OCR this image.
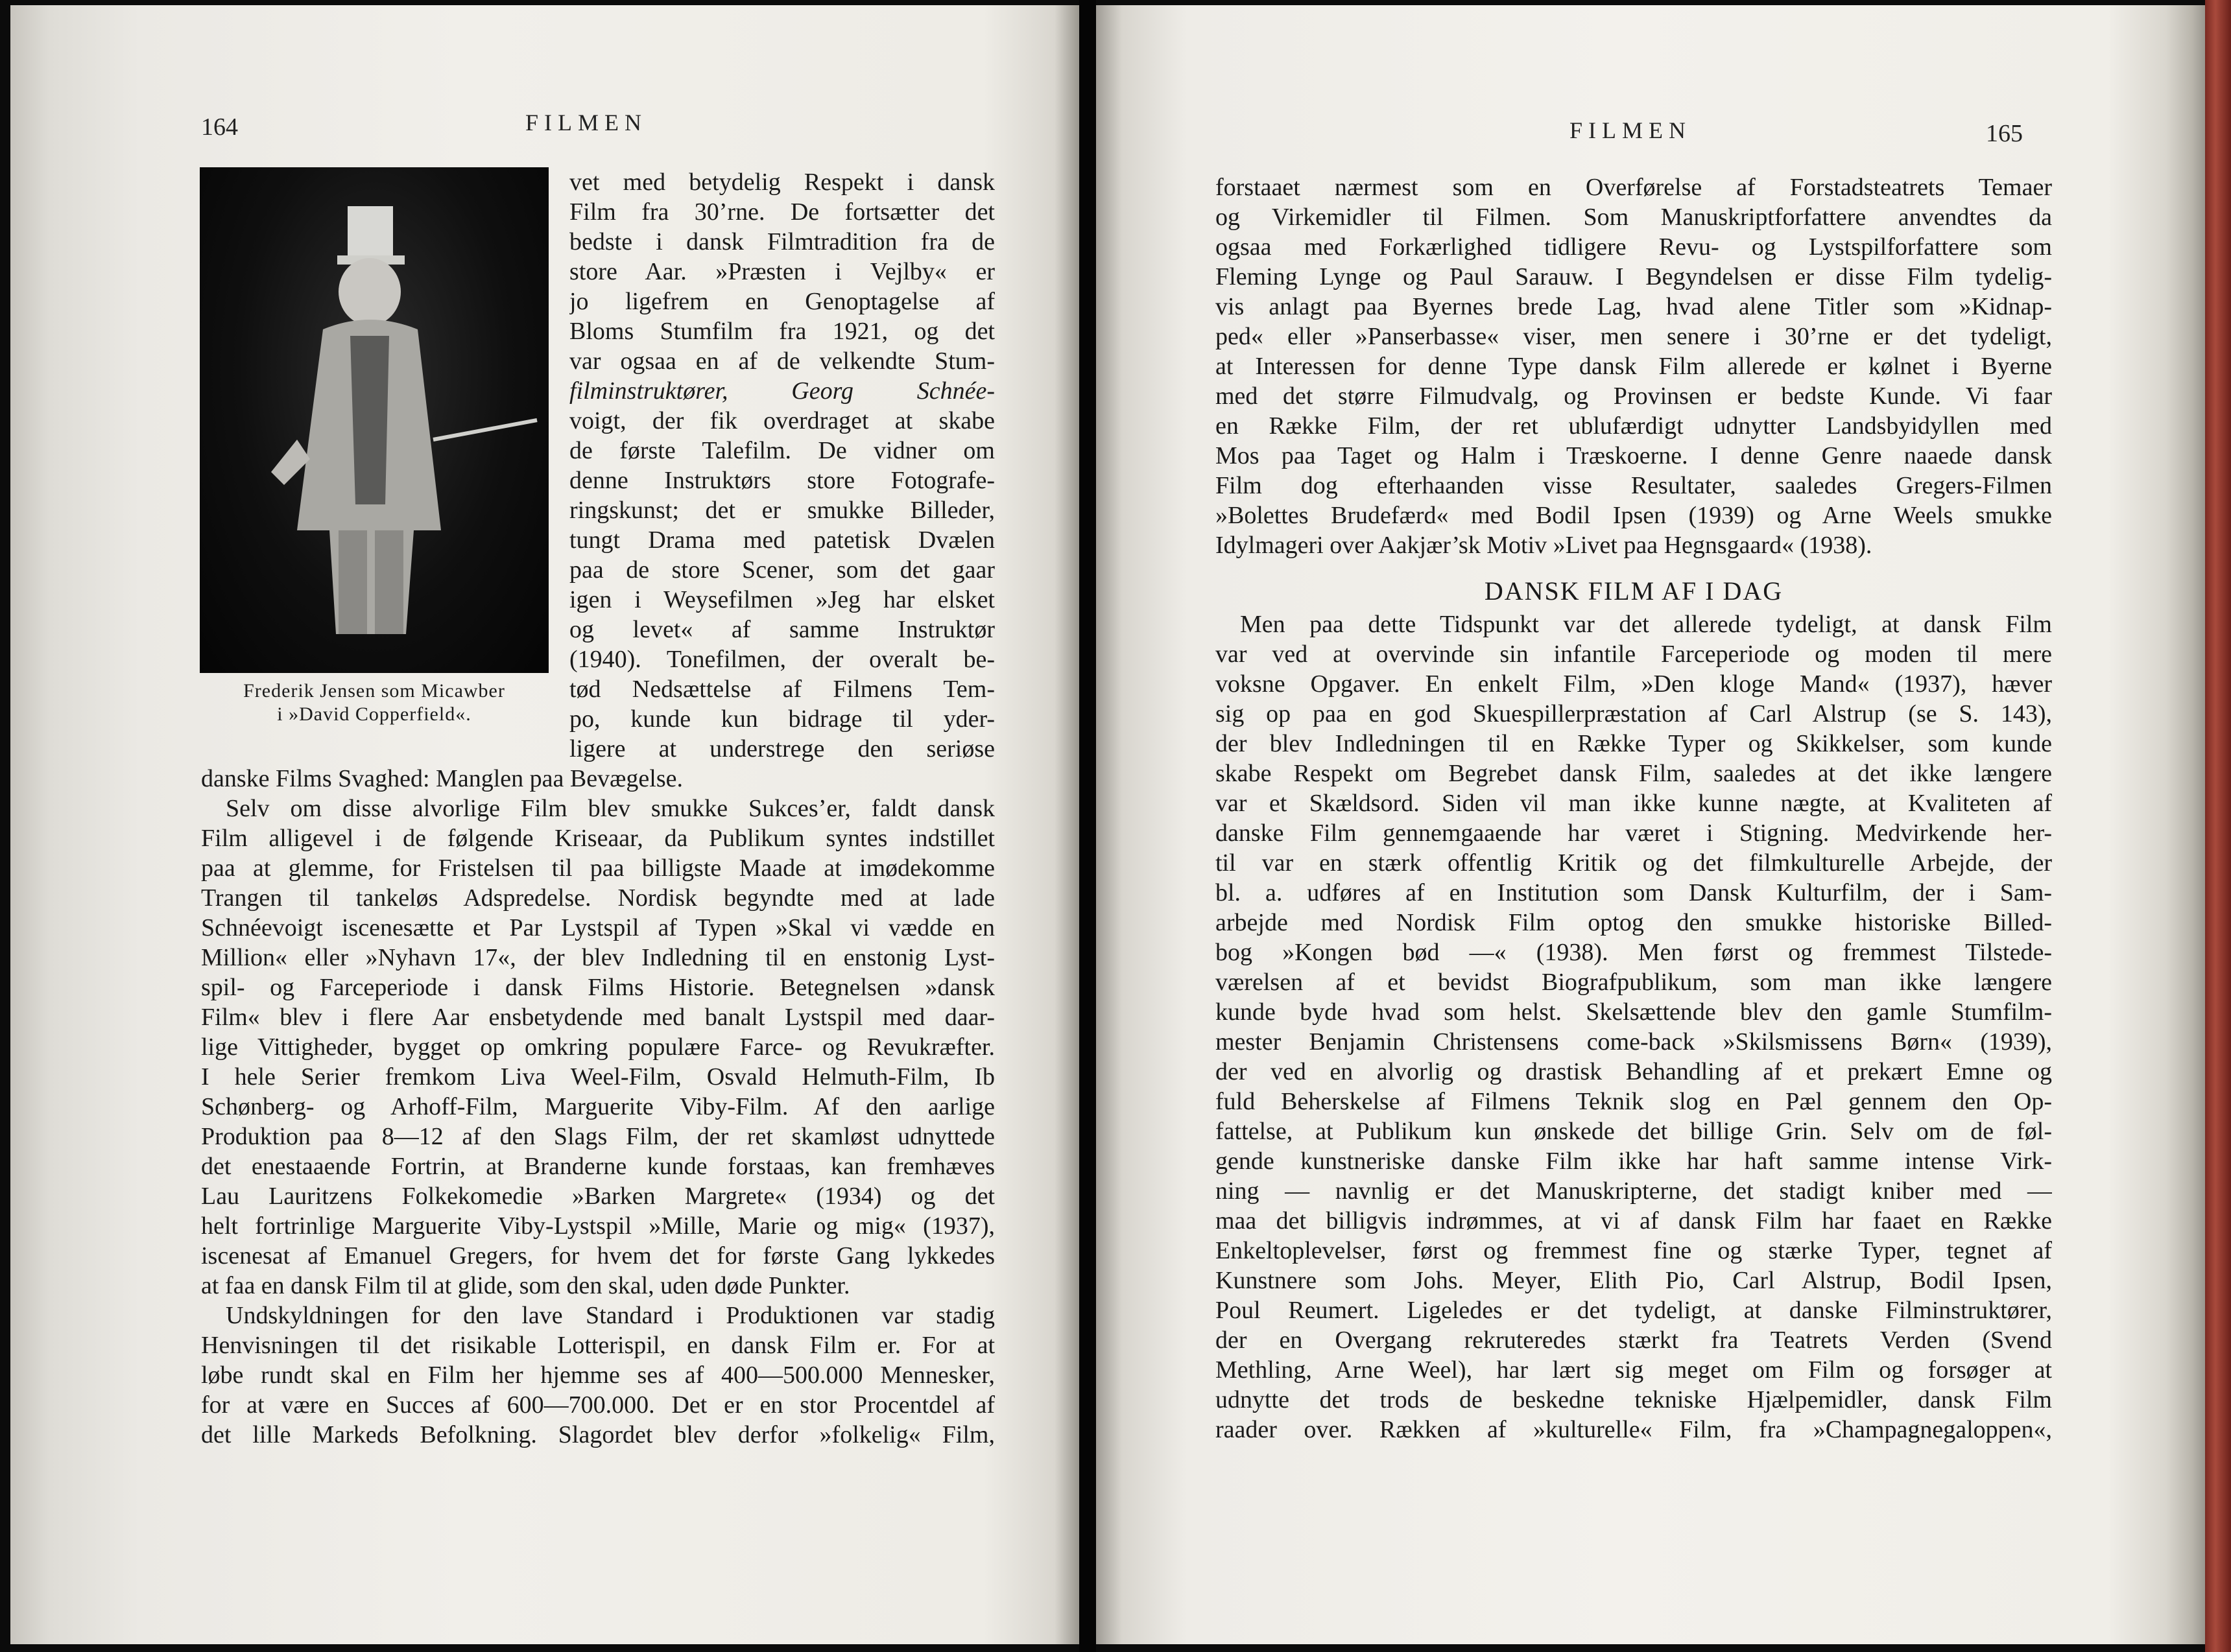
164	FILMEN
Frederik Jensen som Micawber
i »David Copperfield«.
vet med betydelig Respekt i dansk
Film fra 30’rne. De fortsætter det
bedste i dansk Filmtradition fra de
store Aar. »Præsten i Vejlby« er
jo ligefrem en Genoptagelse af
Bloms Stumfilm fra 1921, og det
var ogsaa en af de velkendte Stum-
filminstruktører, Georg Schnée-
voigt, der fik overdraget at skabe
de første Talefilm. De vidner om
denne Instruktørs store Fotografe-
ringskunst; det er smukke Billeder,
tungt Drama med patetisk Dvælen
paa de store Scener, som det gaar
igen i Weysefilmen »Jeg har elsket
og levet« af samme Instruktør
(1940). Tonefilmen, der overalt be-
tød Nedsættelse af Filmens Tem-
po, kunde kun bidrage til yder-
ligere at understrege den seriøse
danske Films Svaghed: Manglen paa Bevægelse.
Selv om disse alvorlige Film blev smukke Sukces’er, faldt dansk
Film alligevel i de følgende Kriseaar, da Publikum syntes indstillet
paa at glemme, for Fristelsen til paa billigste Maade at imødekomme
Trangen til tankeløs Adspredelse. Nordisk begyndte med at lade
Schnéevoigt iscenesætte et Par Lystspil af Typen »Skal vi vædde en
Million« eller »Nyhavn 17«, der blev Indledning til en enstonig Lyst-
spil- og Farceperiode i dansk Films Historie. Betegnelsen »dansk
Film« blev i flere Aar ensbetydende med banalt Lystspil med daar-
lige Vittigheder, bygget op omkring populære Farce- og Revukræfter.
I hele Serier fremkom Liva Weel-Film, Osvald Helmuth-Film, Ib
Schønberg- og Arhoff-Film, Marguerite Viby-Film. Af den aarlige
Produktion paa 8—12 af den Slags Film, der ret skamløst udnyttede
det enestaaende Fortrin, at Branderne kunde forstaas, kan fremhæves
Lau Lauritzens Folkekomedie »Barken Margrete« (1934) og det
helt fortrinlige Marguerite Viby-Lystspil »Mille, Marie og mig« (1937),
iscenesat af Emanuel Gregers, for hvem det for første Gang lykkedes
at faa en dansk Film til at glide, som den skal, uden døde Punkter.
Undskyldningen for den lave Standard i Produktionen var stadig
Henvisningen til det risikable Lotterispil, en dansk Film er. For at
løbe rundt skal en Film her hjemme ses af 400—500.000 Mennesker,
for at være en Succes af 600—700.000. Det er en stor Procentdel af
det lille Markeds Befolkning. Slagordet blev derfor »folkelig« Film,
FILMEN	165
forstaaet nærmest som en Overførelse af Forstadsteatrets Temaer
og Virkemidler til Filmen. Som Manuskriptforfattere anvendtes da
ogsaa med Forkærlighed tidligere Revu- og Lystspilforfattere som
Fleming Lynge og Paul Sarauw. I Begyndelsen er disse Film tydelig-
vis anlagt paa Byernes brede Lag, hvad alene Titler som »Kidnap-
ped« eller »Panserbasse« viser, men senere i 30’rne er det tydeligt,
at Interessen for denne Type dansk Film allerede er kølnet i Byerne
med det større Filmudvalg, og Provinsen er bedste Kunde. Vi faar
en Række Film, der ret ublufærdigt udnytter Landsbyidyllen med
Mos paa Taget og Halm i Træskoerne. I denne Genre naaede dansk
Film dog efterhaanden visse Resultater, saaledes Gregers-Filmen
»Bolettes Brudefærd« med Bodil Ipsen (1939) og Arne Weels smukke
Idylmageri over Aakjær’sk Motiv »Livet paa Hegnsgaard« (1938).
DANSK FILM AF I DAG
Men paa dette Tidspunkt var det allerede tydeligt, at dansk Film
var ved at overvinde sin infantile Farceperiode og moden til mere
voksne Opgaver. En enkelt Film, »Den kloge Mand« (1937), hæver
sig op paa en god Skuespillerpræstation af Carl Alstrup (se S. 143),
der blev Indledningen til en Række Typer og Skikkelser, som kunde
skabe Respekt om Begrebet dansk Film, saaledes at det ikke længere
var et Skældsord. Siden vil man ikke kunne nægte, at Kvaliteten af
danske Film gennemgaaende har været i Stigning. Medvirkende her-
til var en stærk offentlig Kritik og det filmkulturelle Arbejde, der
bl. a. udføres af en Institution som Dansk Kulturfilm, der i Sam-
arbejde med Nordisk Film optog den smukke historiske Billed-
bog »Kongen bød —« (1938). Men først og fremmest Tilstede-
værelsen af et bevidst Biografpublikum, som man ikke længere
kunde byde hvad som helst. Skelsættende blev den gamle Stumfilm-
mester Benjamin Christensens come-back »Skilsmissens Børn« (1939),
der ved en alvorlig og drastisk Behandling af et prekært Emne og
fuld Beherskelse af Filmens Teknik slog en Pæl gennem den Op-
fattelse, at Publikum kun ønskede det billige Grin. Selv om de føl-
gende kunstneriske danske Film ikke har haft samme intense Virk-
ning — navnlig er det Manuskripterne, det stadigt kniber med —
maa det billigvis indrømmes, at vi af dansk Film har faaet en Række
Enkeltoplevelser, først og fremmest fine og stærke Typer, tegnet af
Kunstnere som Johs. Meyer, Elith Pio, Carl Alstrup, Bodil Ipsen,
Poul Reumert. Ligeledes er det tydeligt, at danske Filminstruktører,
der en Overgang rekruteredes stærkt fra Teatrets Verden (Svend
Methling, Arne Weel), har lært sig meget om Film og forsøger at
udnytte det trods de beskedne tekniske Hjælpemidler, dansk Film
raader over. Rækken af »kulturelle« Film, fra »Champagnegaloppen«,
